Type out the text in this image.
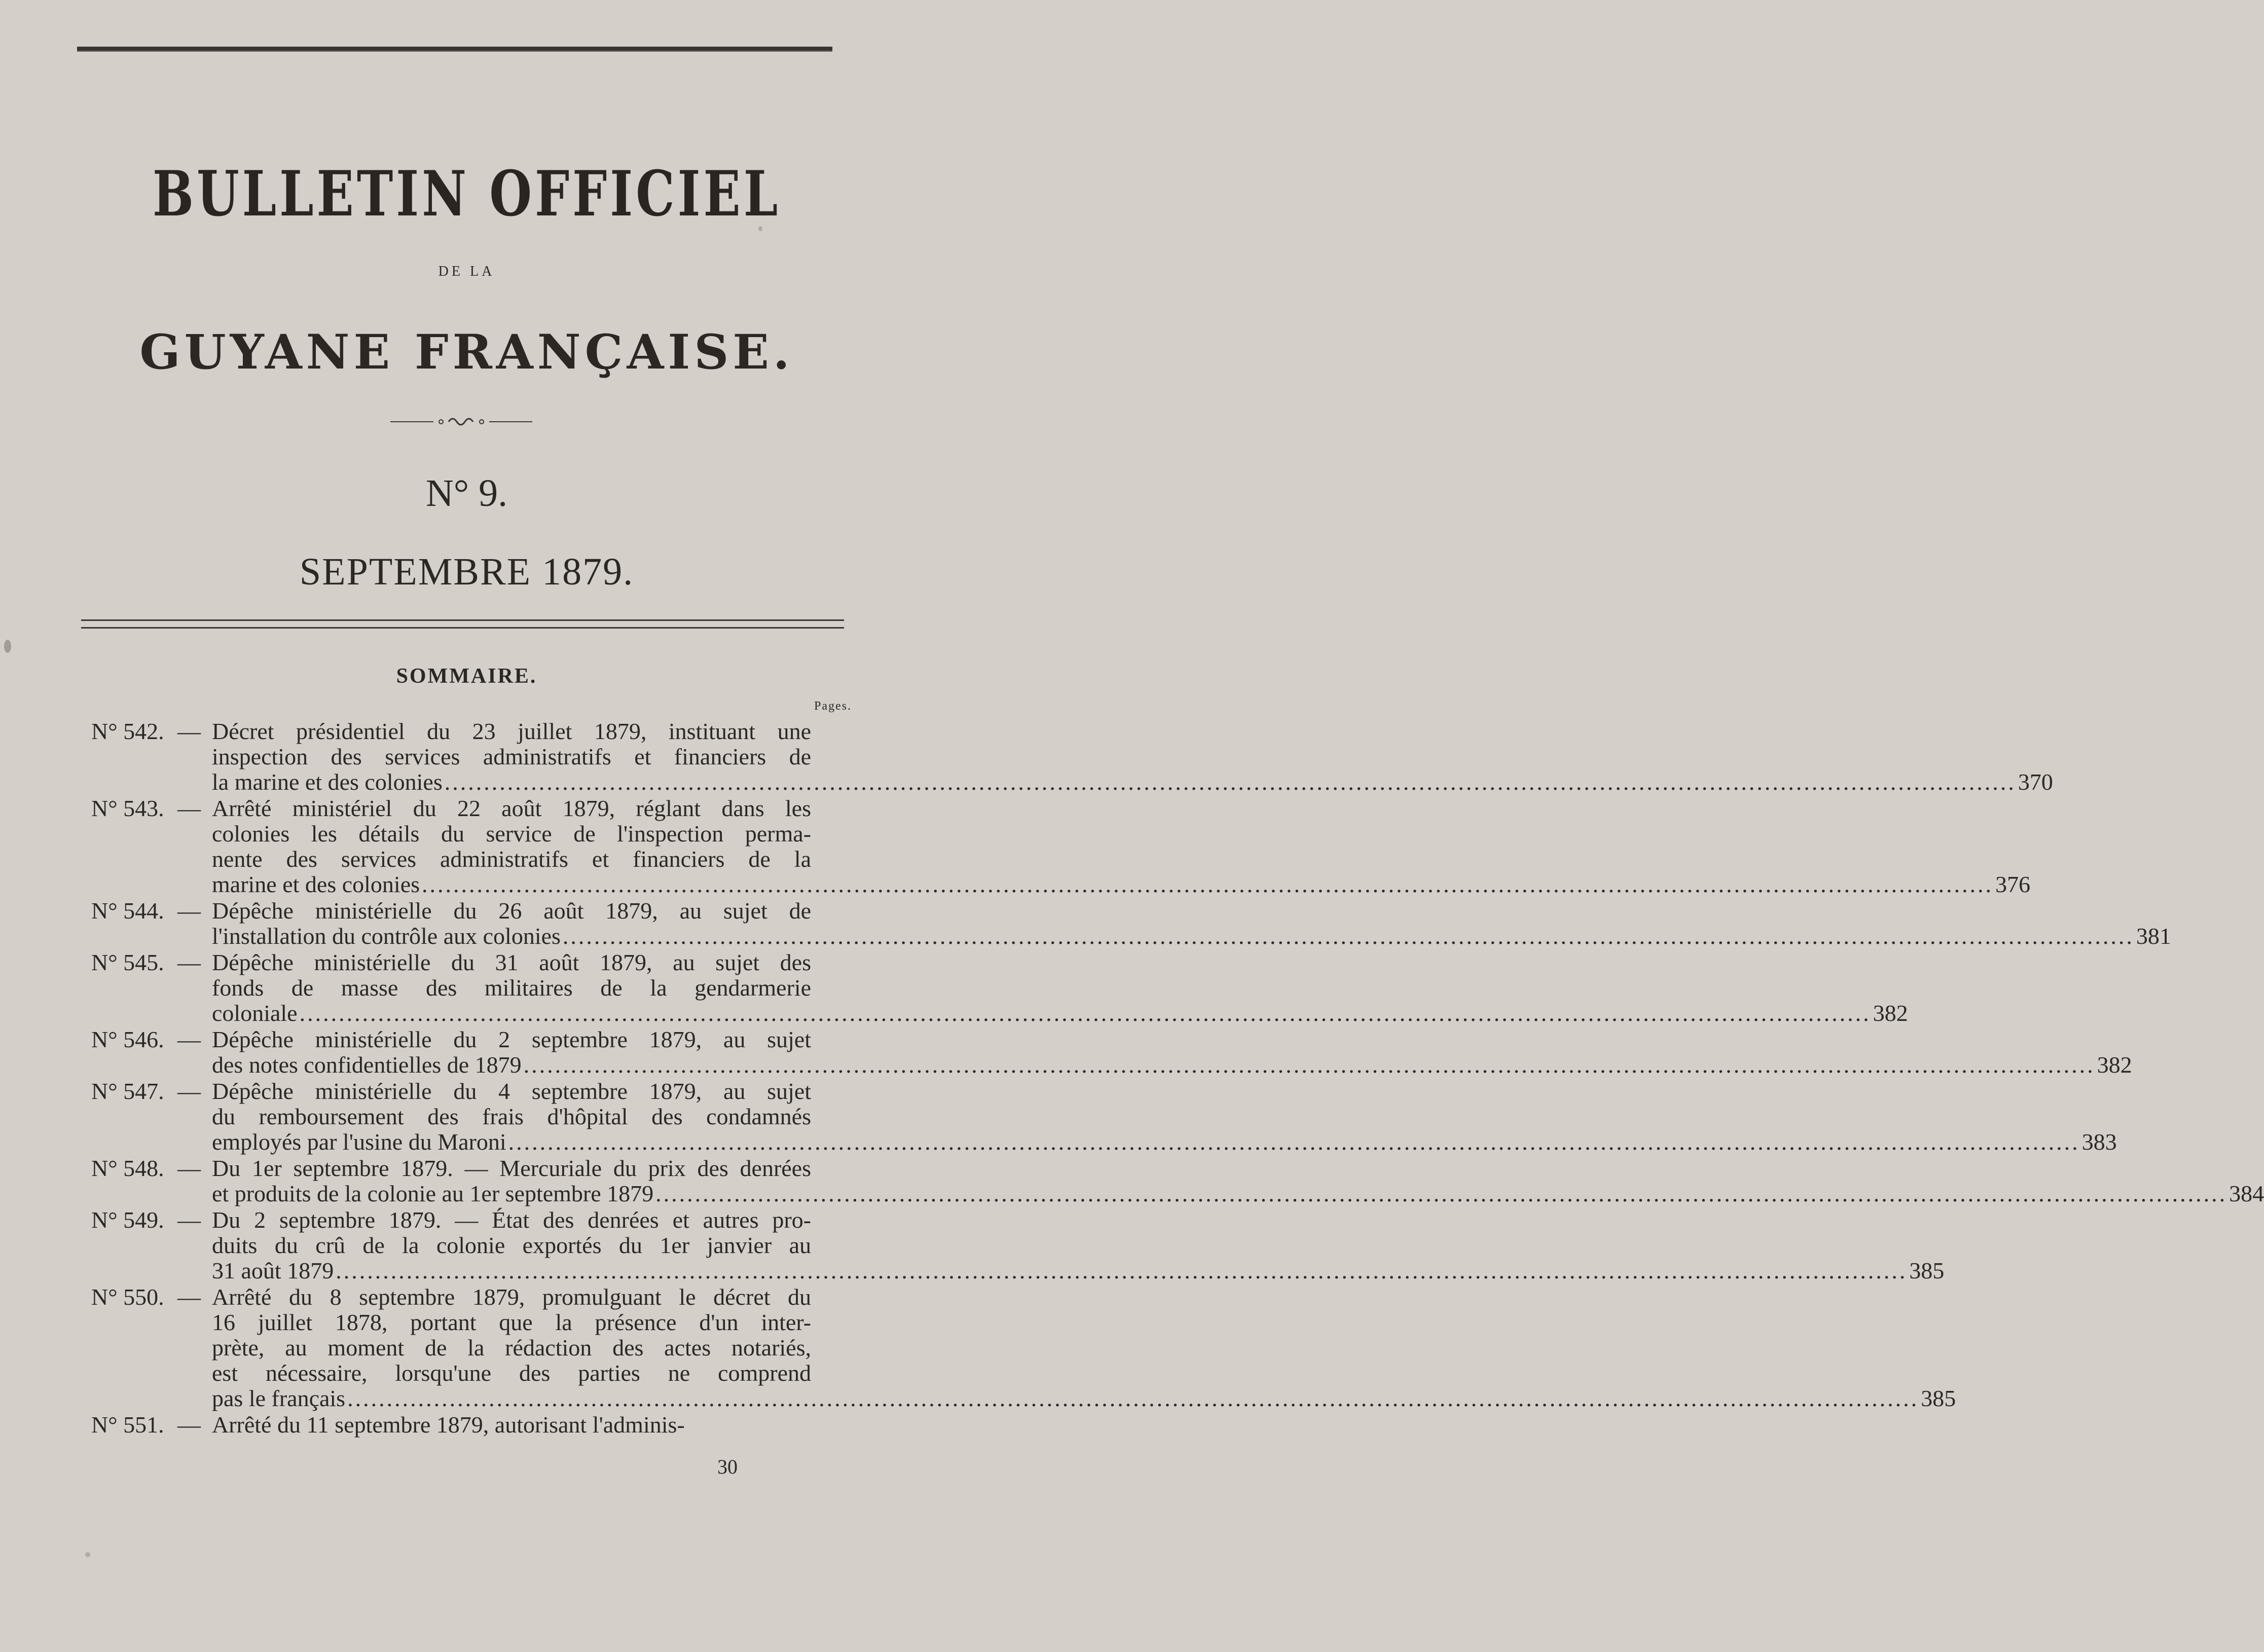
BULLETIN OFFICIEL
DE LA
GUYANE FRANÇAISE.
N° 9.
SEPTEMBRE 1879.
SOMMAIRE.
Pages.
N° 542. — Décret présidentiel du 23 juillet 1879, instituant une
inspection des services administratifs et financiers de
la marine et des colonies ........................................................................................................................................................................................................ 370
N° 543. — Arrêté ministériel du 22 août 1879, réglant dans les
colonies les détails du service de l'inspection perma-
nente des services administratifs et financiers de la
marine et des colonies ........................................................................................................................................................................................................ 376
N° 544. — Dépêche ministérielle du 26 août 1879, au sujet de
l'installation du contrôle aux colonies ........................................................................................................................................................................................................ 381
N° 545. — Dépêche ministérielle du 31 août 1879, au sujet des
fonds de masse des militaires de la gendarmerie
coloniale ........................................................................................................................................................................................................ 382
N° 546. — Dépêche ministérielle du 2 septembre 1879, au sujet
des notes confidentielles de 1879 ........................................................................................................................................................................................................ 382
N° 547. — Dépêche ministérielle du 4 septembre 1879, au sujet
du remboursement des frais d'hôpital des condamnés
employés par l'usine du Maroni ........................................................................................................................................................................................................ 383
N° 548. — Du 1er septembre 1879. — Mercuriale du prix des denrées
et produits de la colonie au 1er septembre 1879 ........................................................................................................................................................................................................ 384
N° 549. — Du 2 septembre 1879. — État des denrées et autres pro-
duits du crû de la colonie exportés du 1er janvier au
31 août 1879 ........................................................................................................................................................................................................ 385
N° 550. — Arrêté du 8 septembre 1879, promulguant le décret du
16 juillet 1878, portant que la présence d'un inter-
prète, au moment de la rédaction des actes notariés,
est nécessaire, lorsqu'une des parties ne comprend
pas le français ........................................................................................................................................................................................................ 385
N° 551. — Arrêté du 11 septembre 1879, autorisant l'adminis-
30
